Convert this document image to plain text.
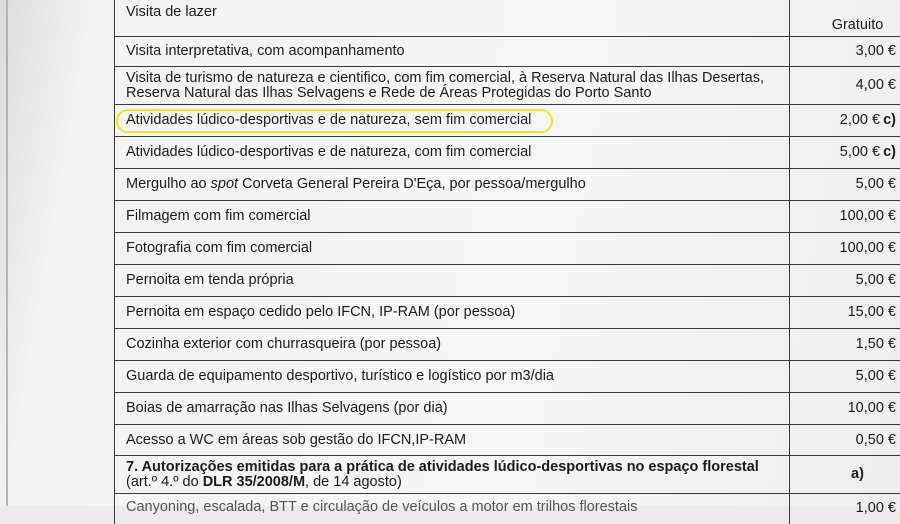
Visita de lazer	Gratuito
Visita interpretativa, com acompanhamento	3,00 €

Visita de turismo de natureza e cientifico, com fim comercial, à Reserva Natural das Ilhas Desertas,
Reserva Natural das Ilhas Selvagens e Rede de Áreas Protegidas do Porto Santo	4,00 €
Atividades lúdico-desportivas e de natureza, sem fim comercial	2,00 € c)
Atividades lúdico-desportivas e de natureza, com fim comercial	5,00 € c)
Mergulho ao spot Corveta General Pereira D'Eça, por pessoa/mergulho	5,00 €
Filmagem com fim comercial	100,00 €
Fotografia com fim comercial	100,00 €
Pernoita em tenda própria	5,00 €
Pernoita em espaço cedido pelo IFCN, IP-RAM (por pessoa)	15,00 €
Cozinha exterior com churrasqueira (por pessoa)	1,50 €
Guarda de equipamento desportivo, turístico e logístico por m3/dia	5,00 €
Boias de amarração nas Ilhas Selvagens (por dia)	10,00 €
Acesso a WC em áreas sob gestão do IFCN,IP-RAM	0,50 €

7. Autorizações emitidas para a prática de atividades lúdico-desportivas no espaço florestal
(art.º 4.º do DLR 35/2008/M, de 14 agosto)	a)
Canyoning, escalada, BTT e circulação de veículos a motor em trilhos florestais	1,00 €
